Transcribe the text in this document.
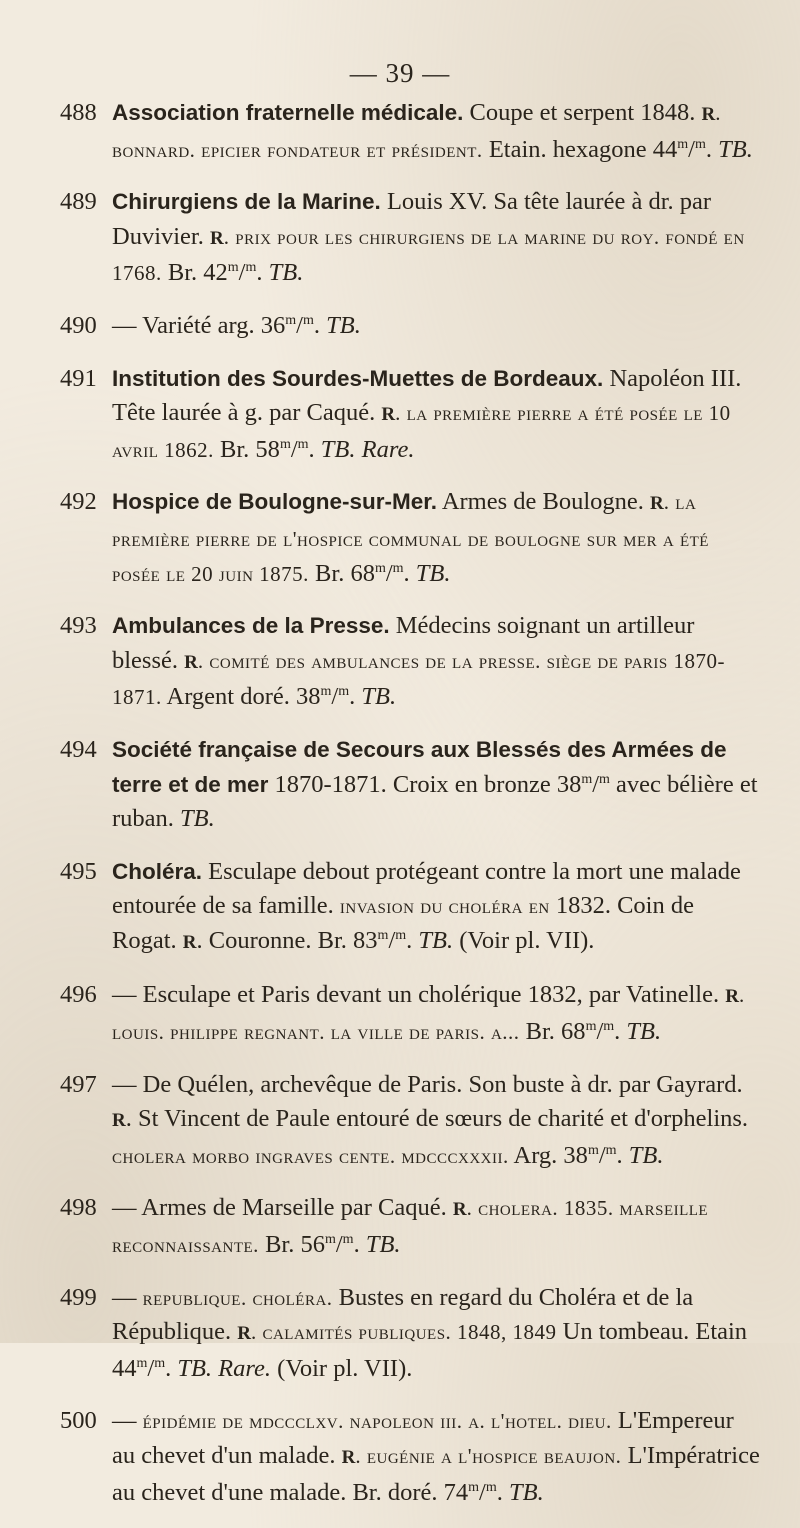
— 39 —
488 Association fraternelle médicale. Coupe et serpent 1848. R. bonnard. epicier fondateur et président. Etain. hexagone 44$^m$/$^m$. TB.
489 Chirurgiens de la Marine. Louis XV. Sa tête laurée à dr. par Duvivier. R. prix pour les chirurgiens de la marine du roy. fondé en 1768. Br. 42$^m$/$^m$. TB.
490 — Variété arg. 36$^m$/$^m$. TB.
491 Institution des Sourdes-Muettes de Bordeaux. Napoléon III. Tête laurée à g. par Caqué. R. la première pierre a été posée le 10 avril 1862. Br. 58$^m$/$^m$. TB. Rare.
492 Hospice de Boulogne-sur-Mer. Armes de Boulogne. R. la première pierre de l'hospice communal de boulogne sur mer a été posée le 20 juin 1875. Br. 68$^m$/$^m$. TB.
493 Ambulances de la Presse. Médecins soignant un artilleur blessé. R. comité des ambulances de la presse. siège de paris 1870-1871. Argent doré. 38$^m$/$^m$. TB.
494 Société française de Secours aux Blessés des Armées de terre et de mer 1870-1871. Croix en bronze 38$^m$/$^m$ avec bélière et ruban. TB.
495 Choléra. Esculape debout protégeant contre la mort une malade entourée de sa famille. invasion du choléra en 1832. Coin de Rogat. R. Couronne. Br. 83$^m$/$^m$. TB. (Voir pl. VII).
496 — Esculape et Paris devant un cholérique 1832, par Vatinelle. R. louis. philippe regnant. la ville de paris. a... Br. 68$^m$/$^m$. TB.
497 — De Quélen, archevêque de Paris. Son buste à dr. par Gayrard. R. St Vincent de Paule entouré de sœurs de charité et d'orphelins. cholera morbo ingraves cente. mdcccxxxii. Arg. 38$^m$/$^m$. TB.
498 — Armes de Marseille par Caqué. R. cholera. 1835. marseille reconnaissante. Br. 56$^m$/$^m$. TB.
499 — republique. choléra. Bustes en regard du Choléra et de la République. R. calamités publiques. 1848, 1849 Un tombeau. Etain 44$^m$/$^m$. TB. Rare. (Voir pl. VII).
500 — épidémie de mdccclxv. napoleon iii. a. l'hotel. dieu. L'Empereur au chevet d'un malade. R. eugénie a l'hospice beaujon. L'Impératrice au chevet d'une malade. Br. doré. 74$^m$/$^m$. TB.
